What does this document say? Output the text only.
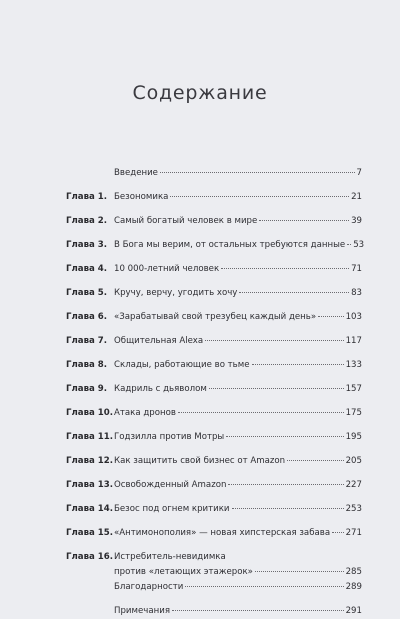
Содержание
Введение	7
Глава 1. Безономика	21
Глава 2. Самый богатый человек в мире	39
Глава 3. В Бога мы верим, от остальных требуются данные 53
Глава 4. 10 000-летний человек	71
Глава 5. Кручу, верчу, угодить хочу	83
Глава 6. «Зарабатывай свой трезубец каждый день»	103
Глава 7. Общительная Alexa	117
Глава 8. Склады, работающие во тьме	133
Глава 9. Кадриль с дьяволом	157
Глава 10. Атака дронов	175
Глава 11. Годзилла против Мотры	195
Глава 12. Как защитить свой бизнес от Amazon	205
Глава 13. Освобожденный Amazon	227
Глава 14. Безос под огнем критики	253
Глава 15. «Антимонополия» — новая хипстерская забава 271
Глава 16. Истребитель-невидимка
против «летающих этажерок»	285
Благодарности	289
Примечания	291
